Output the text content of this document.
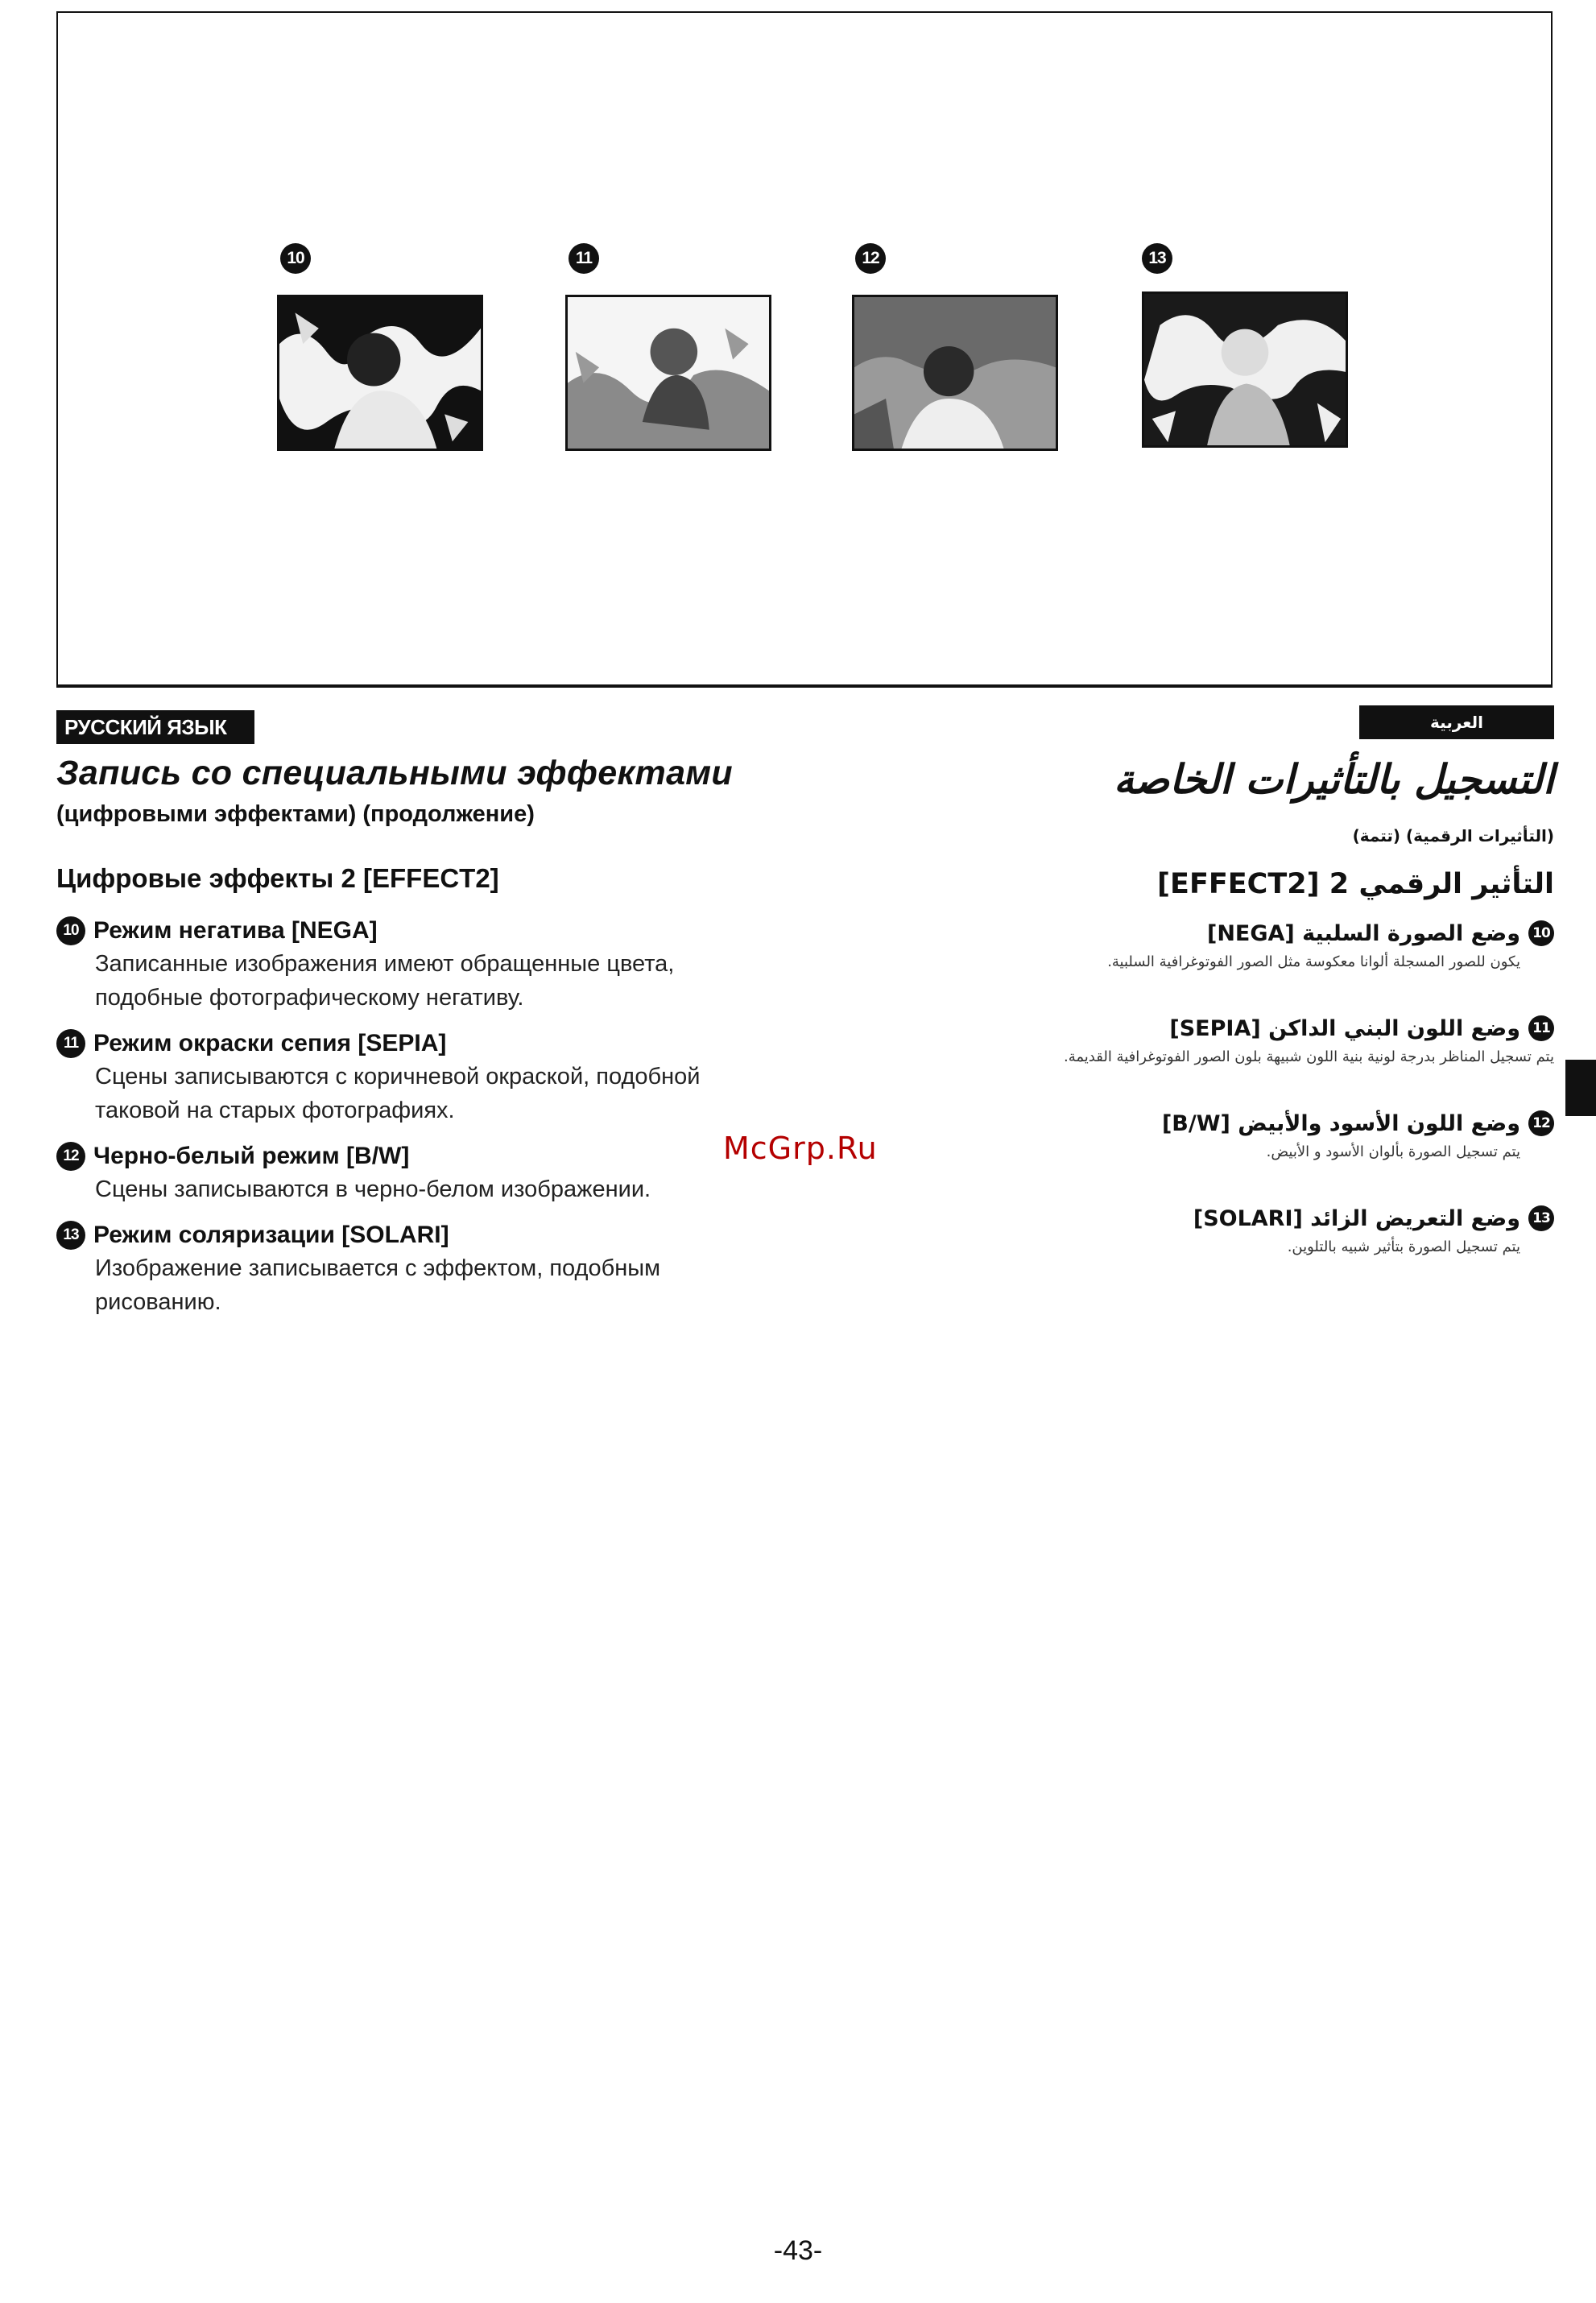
10	11	12	13
РУССКИЙ ЯЗЫК
Запись со специальными эффектами
(цифровыми эффектами) (продолжение)
Цифровые эффекты 2 [EFFECT2]
10 Режим негатива [NEGA]
Записанные изображения имеют обращенные цвета,
подобные фотографическому негативу.
11 Режим окраски сепия [SEPIA]
Сцены записываются с коричневой окраской, подобной
таковой на старых фотографиях.
12 Черно-белый режим [B/W]
Сцены записываются в черно-белом изображении.
13 Режим соляризации [SOLARI]
Изображение записывается с эффектом, подобным
рисованию.
McGrp.Ru
العربية
التسجيل بالتأثيرات الخاصة
(التأثيرات الرقمية) (تتمة)
التأثير الرقمي 2 [EFFECT2]
10
وضع الصورة السلبية [NEGA]
يكون للصور المسجلة ألوانا معكوسة مثل الصور الفوتوغرافية السلبية.
11
وضع اللون البني الداكن [SEPIA]
يتم تسجيل المناظر بدرجة لونية بنية اللون شبيهة بلون الصور الفوتوغرافية القديمة.
12
وضع اللون الأسود والأبيض [B/W]
يتم تسجيل الصورة بألوان الأسود و الأبيض.
13
وضع التعريض الزائد [SOLARI]
يتم تسجيل الصورة بتأثير شبيه بالتلوين.
-43-
